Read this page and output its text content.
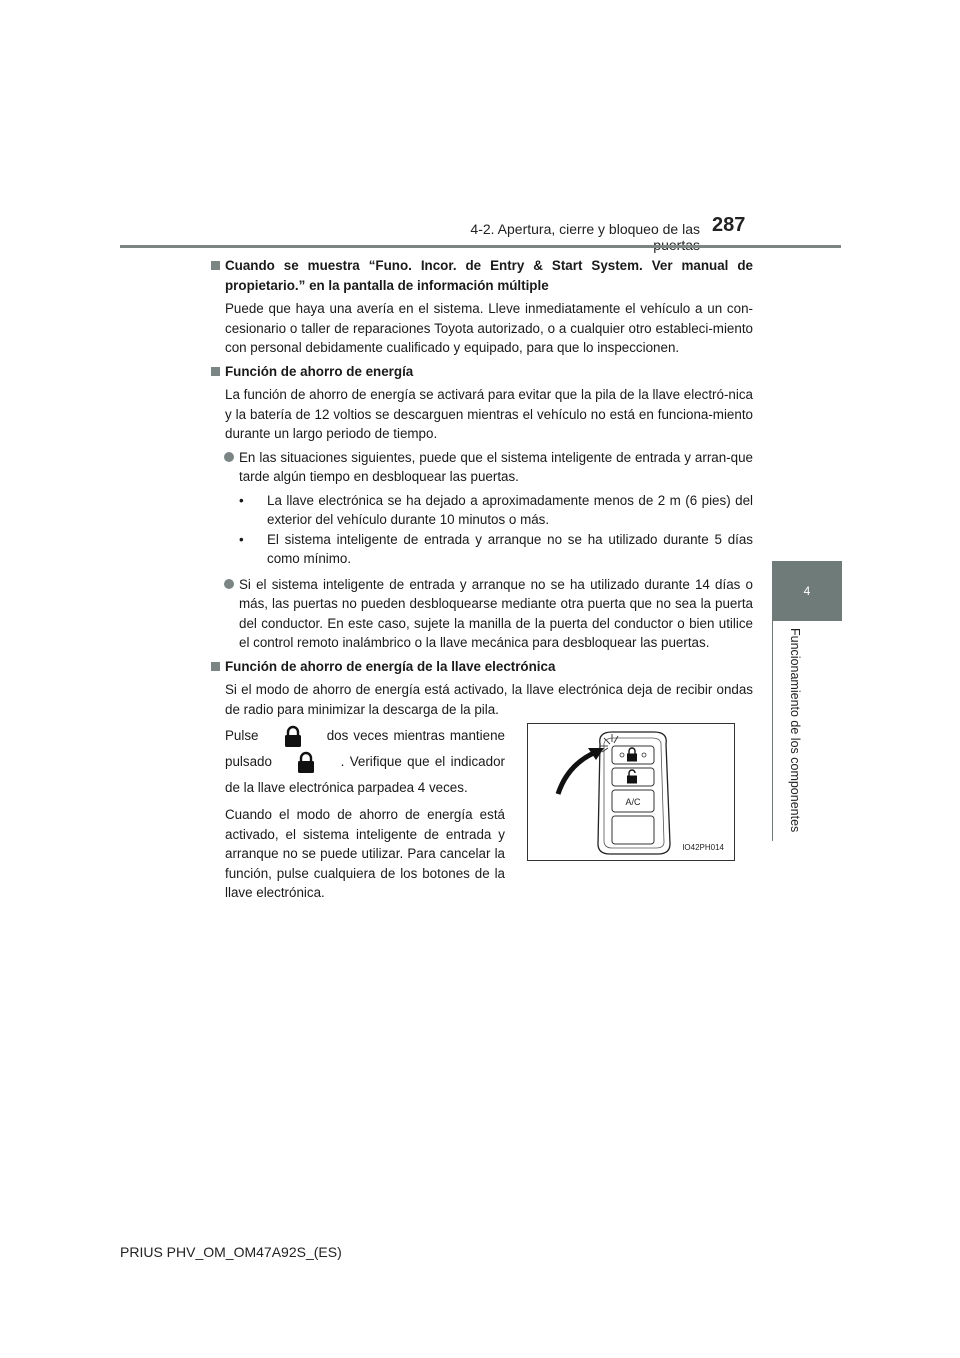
4-2. Apertura, cierre y bloqueo de las 287
4
Funcionamiento de los componentes
Cuando se muestra “Funo. Incor. de Entry & Start System. Ver manual de propietario.” en la pantalla de información múltiple

Puede que haya una avería en el sistema. Lleve inmediatamente el vehículo a un con-cesionario o taller de reparaciones Toyota autorizado, o a cualquier otro estableci-miento con personal debidamente cualificado y equipado, para que lo inspeccionen.

Función de ahorro de energía

La función de ahorro de energía se activará para evitar que la pila de la llave electró-nica y la batería de 12 voltios se descarguen mientras el vehículo no está en funciona-miento durante un largo periodo de tiempo.

En las situaciones siguientes, puede que el sistema inteligente de entrada y arran-que tarde algún tiempo en desbloquear las puertas.
• La llave electrónica se ha dejado a aproximadamente menos de 2 m (6 pies) del exterior del vehículo durante 10 minutos o más.
• El sistema inteligente de entrada y arranque no se ha utilizado durante 5 días como mínimo.
Si el sistema inteligente de entrada y arranque no se ha utilizado durante 14 días o más, las puertas no pueden desbloquearse mediante otra puerta que no sea la puerta del conductor. En este caso, sujete la manilla de la puerta del conductor o bien utilice el control remoto inalámbrico o la llave mecánica para desbloquear las puertas.
Función de ahorro de energía de la llave electrónica

Si el modo de ahorro de energía está activado, la llave electrónica deja de recibir ondas de radio para minimizar la descarga de la pila.

Pulse	dos veces mientras mantiene pulsado	. Verifique que el indicador de la llave electrónica parpadea 4 veces.

Cuando el modo de ahorro de energía está activado, el sistema inteligente de entrada y arranque no se puede utilizar. Para cancelar la función, pulse cualquiera de los botones de la llave electrónica.

A/C
IO42PH014
PRIUS PHV_OM_OM47A92S_(ES)
